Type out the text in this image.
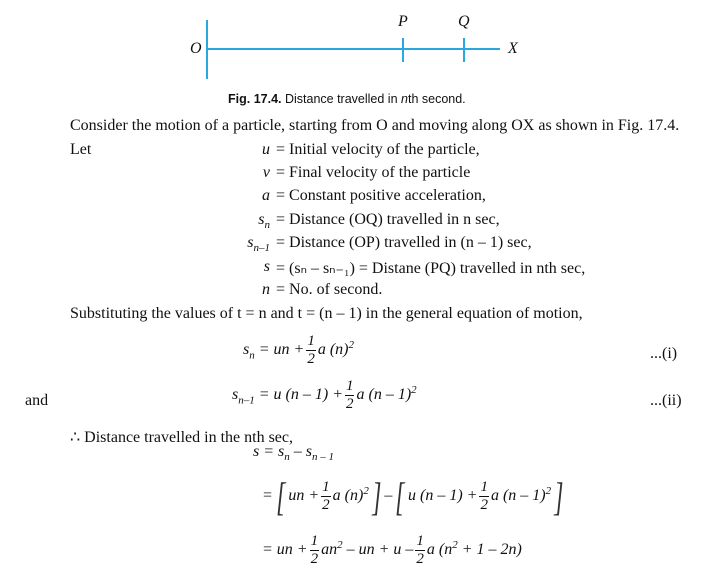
O
P	Q
X
Fig. 17.4. Distance travelled in nth second.
Consider the motion of a particle, starting from O and moving along OX as shown in Fig. 17.4.
Let	u = Initial velocity of the particle,
v = Final velocity of the particle
a = Constant positive acceleration,
$s_n$ = Distance (OQ) travelled in n sec,
$s_{n-1}$ = Distance (OP) travelled in (n – 1) sec,
s = (sₙ – sₙ₋₁) = Distane (PQ) travelled in nth sec,
n = No. of second.
Substituting the values of t = n and t = (n – 1) in the general equation of motion,
$s_n$ = un + $\frac{1}{2}$ a $(n)^2$
...(i)
and	$s_{n-1} = u$ $(n - 1) + \frac{1}{2}$ a (n – 1)$^2$
...(ii)
∴ Distance travelled in the nth sec,
$s = s_n - s_{n - 1}$
=[ un + $\frac{1}{2}$ a $(n)^2$] –[ u $(n - 1) + \frac{1}{2}$ a (n – 1)$^2$]
= un + $\frac{1}{2} an^2$ – un + u – $\frac{1}{2}$ a $(n^2 + 1 - 2n)$
